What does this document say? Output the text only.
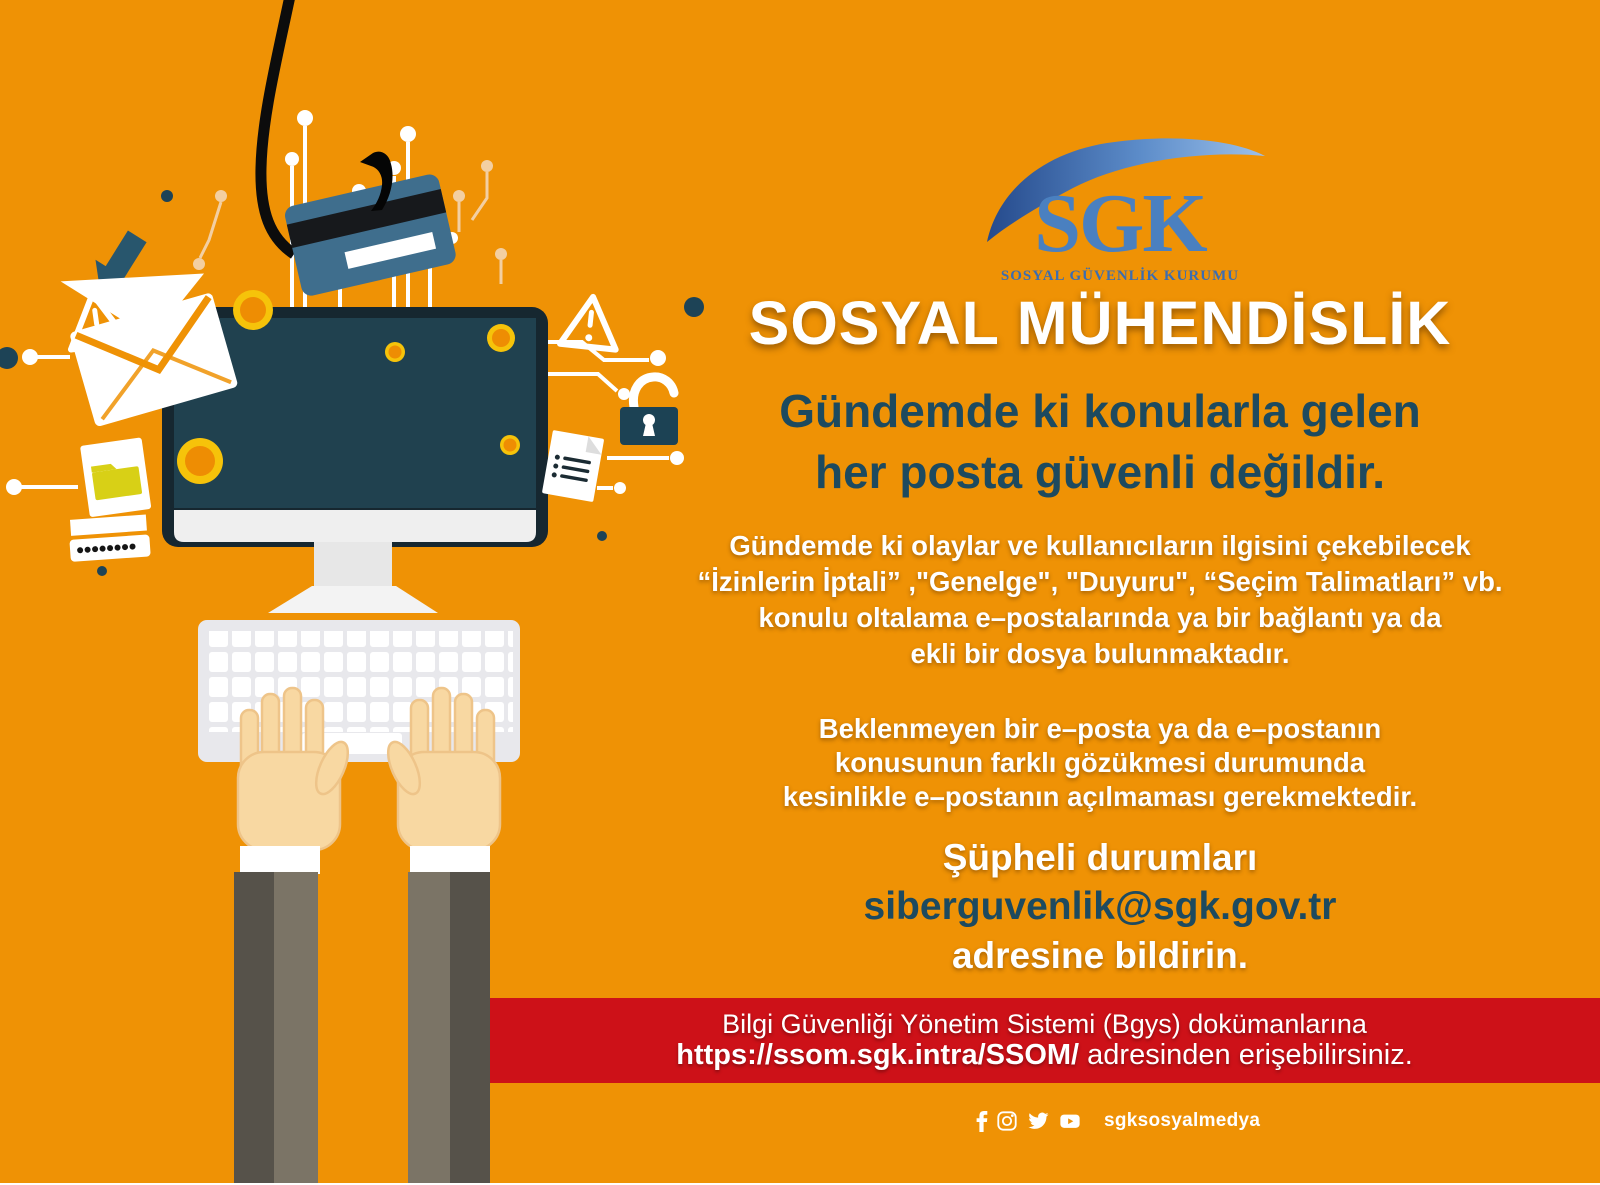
Bilgi Güvenliği Yönetim Sistemi (Bgys) dokümanlarına
https://ssom.sgk.intra/SSOM/ adresinden erişebilirsiniz.
SGK
SOSYAL GÜVENLİK KURUMU
SOSYAL MÜHENDİSLİK
Gündemde ki konularla gelen
her posta güvenli değildir.
Gündemde ki olaylar ve kullanıcıların ilgisini çekebilecek
“İzinlerin İptali” ,"Genelge", "Duyuru", “Seçim Talimatları” vb.
konulu oltalama e–postalarında ya bir bağlantı ya da
ekli bir dosya bulunmaktadır.
Beklenmeyen bir e–posta ya da e–postanın
konusunun farklı gözükmesi durumunda
kesinlikle e–postanın açılmaması gerekmektedir.
Şüpheli durumları
siberguvenlik@sgk.gov.tr
adresine bildirin.
sgksosyalmedya
